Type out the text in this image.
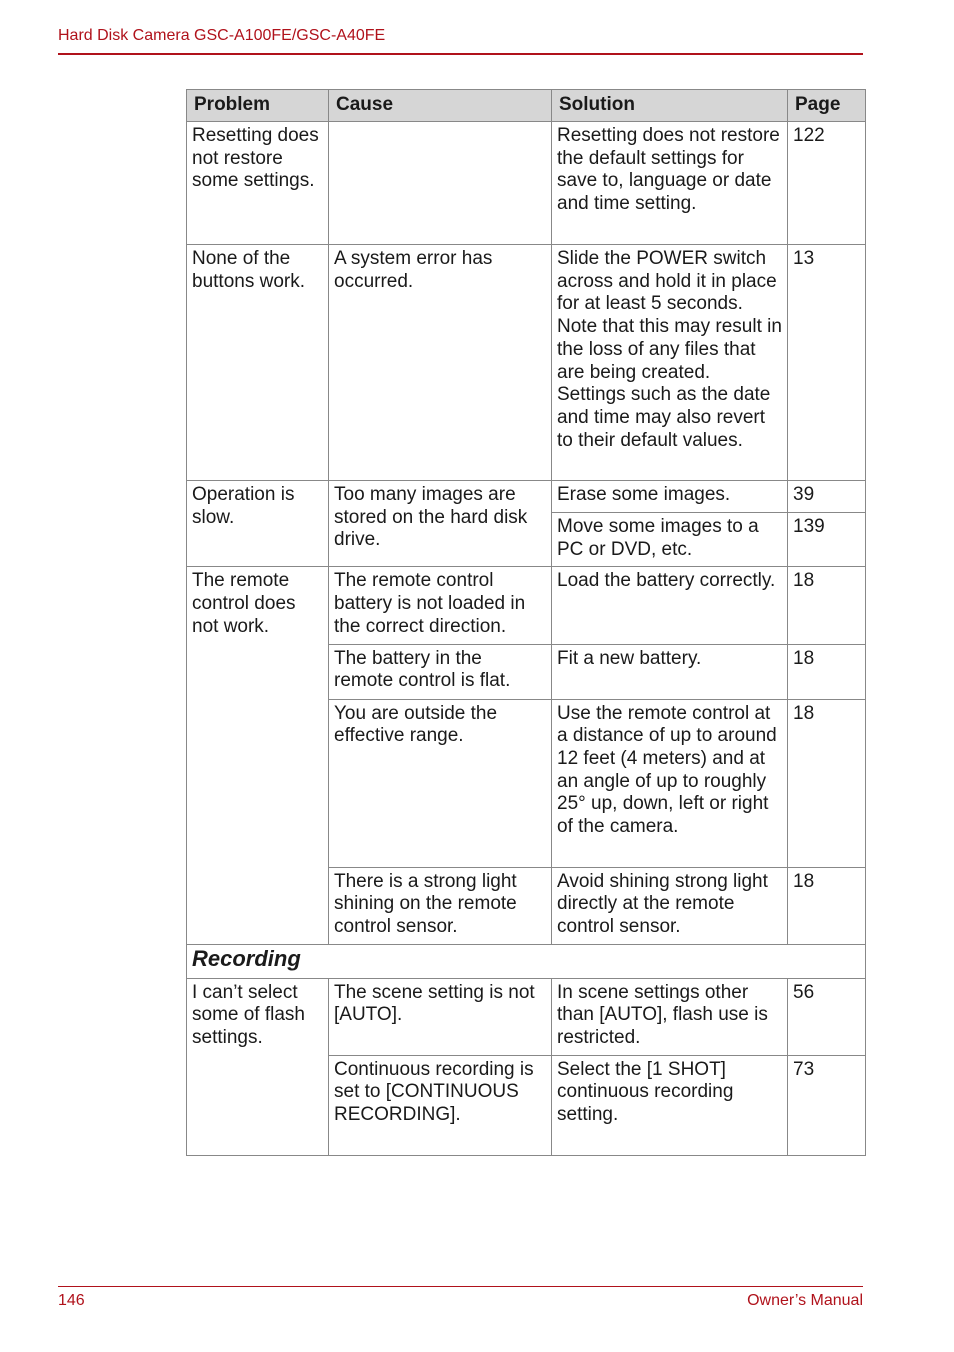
Hard Disk Camera GSC-A100FE/GSC-A40FE
Problem	Cause	Solution	Page
Resetting does not restore some settings.		Resetting does not restore the default settings for save to, language or date and time setting.	122
None of the buttons work.	A system error has occurred.	Slide the POWER switch across and hold it in place for at least 5 seconds. Note that this may result in the loss of any files that are being created. Settings such as the date and time may also revert to their default values.	13
Operation is slow.	Too many images are stored on the hard disk drive.	Erase some images.	39
		Move some images to a PC or DVD, etc.	139
The remote control does not work.	The remote control battery is not loaded in the correct direction.	Load the battery correctly.	18
	The battery in the remote control is flat.	Fit a new battery.	18
	You are outside the effective range.	Use the remote control at a distance of up to around 12 feet (4 meters) and at an angle of up to roughly 25° up, down, left or right of the camera.	18
	There is a strong light shining on the remote control sensor.	Avoid shining strong light directly at the remote control sensor.	18
Recording			
I can’t select some of flash settings.	The scene setting is not [AUTO].	In scene settings other than [AUTO], flash use is restricted.	56
	Continuous recording is set to [CONTINUOUS RECORDING].	Select the [1 SHOT] continuous recording setting.	73
146	Owner’s Manual
